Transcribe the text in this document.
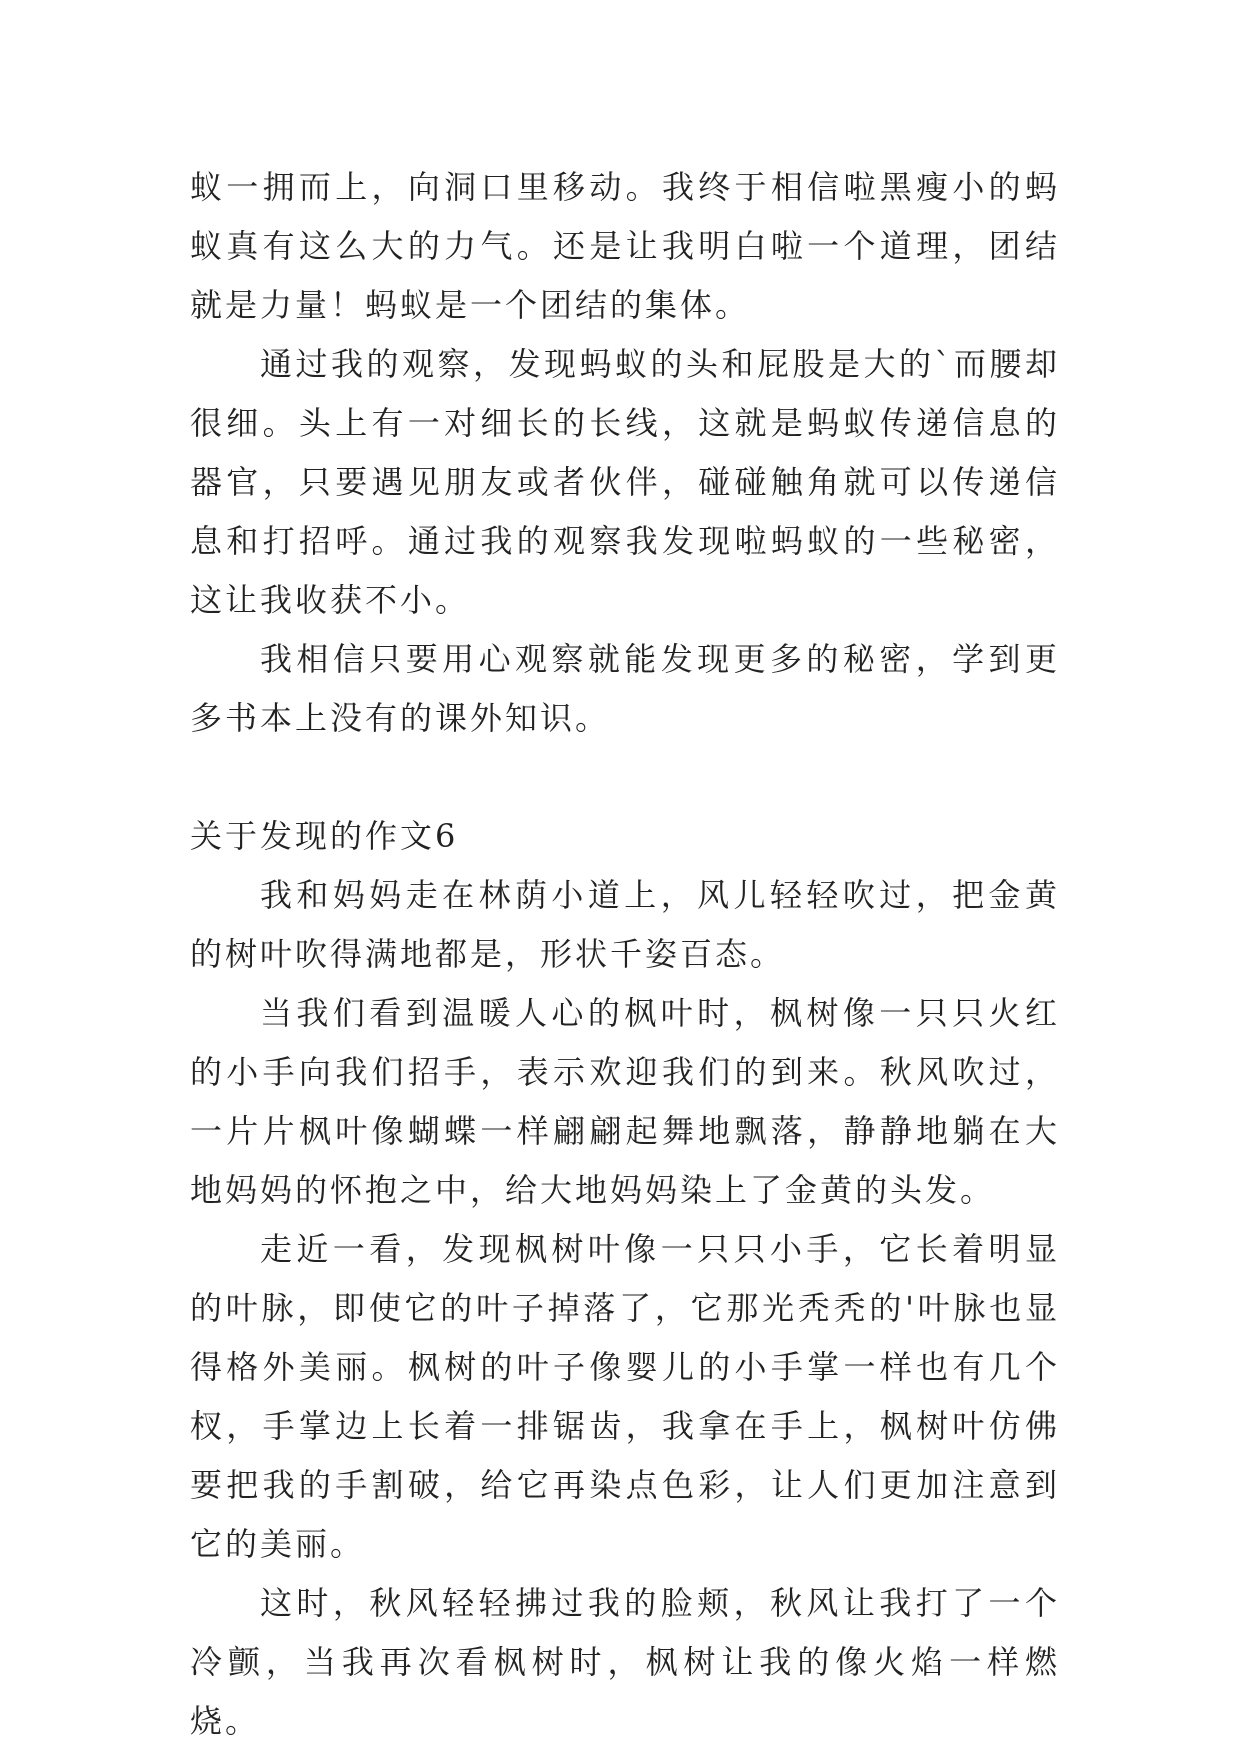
蚁一拥而上，向洞口里移动。我终于相信啦黑瘦小的蚂蚁真有这么大的力气。还是让我明白啦一个道理，团结就是力量！蚂蚁是一个团结的集体。

通过我的观察，发现蚂蚁的头和屁股是大的`而腰却很细。头上有一对细长的长线，这就是蚂蚁传递信息的器官，只要遇见朋友或者伙伴，碰碰触角就可以传递信息和打招呼。通过我的观察我发现啦蚂蚁的一些秘密，这让我收获不小。

我相信只要用心观察就能发现更多的秘密，学到更多书本上没有的课外知识。

关于发现的作文6

我和妈妈走在林荫小道上，风儿轻轻吹过，把金黄的树叶吹得满地都是，形状千姿百态。

当我们看到温暖人心的枫叶时，枫树像一只只火红的小手向我们招手，表示欢迎我们的到来。秋风吹过，一片片枫叶像蝴蝶一样翩翩起舞地飘落，静静地躺在大地妈妈的怀抱之中，给大地妈妈染上了金黄的头发。

走近一看，发现枫树叶像一只只小手，它长着明显的叶脉，即使它的叶子掉落了，它那光秃秃的'叶脉也显得格外美丽。枫树的叶子像婴儿的小手掌一样也有几个杈，手掌边上长着一排锯齿，我拿在手上，枫树叶仿佛要把我的手割破，给它再染点色彩，让人们更加注意到它的美丽。

这时，秋风轻轻拂过我的脸颊，秋风让我打了一个冷颤，当我再次看枫树时，枫树让我的像火焰一样燃烧。
